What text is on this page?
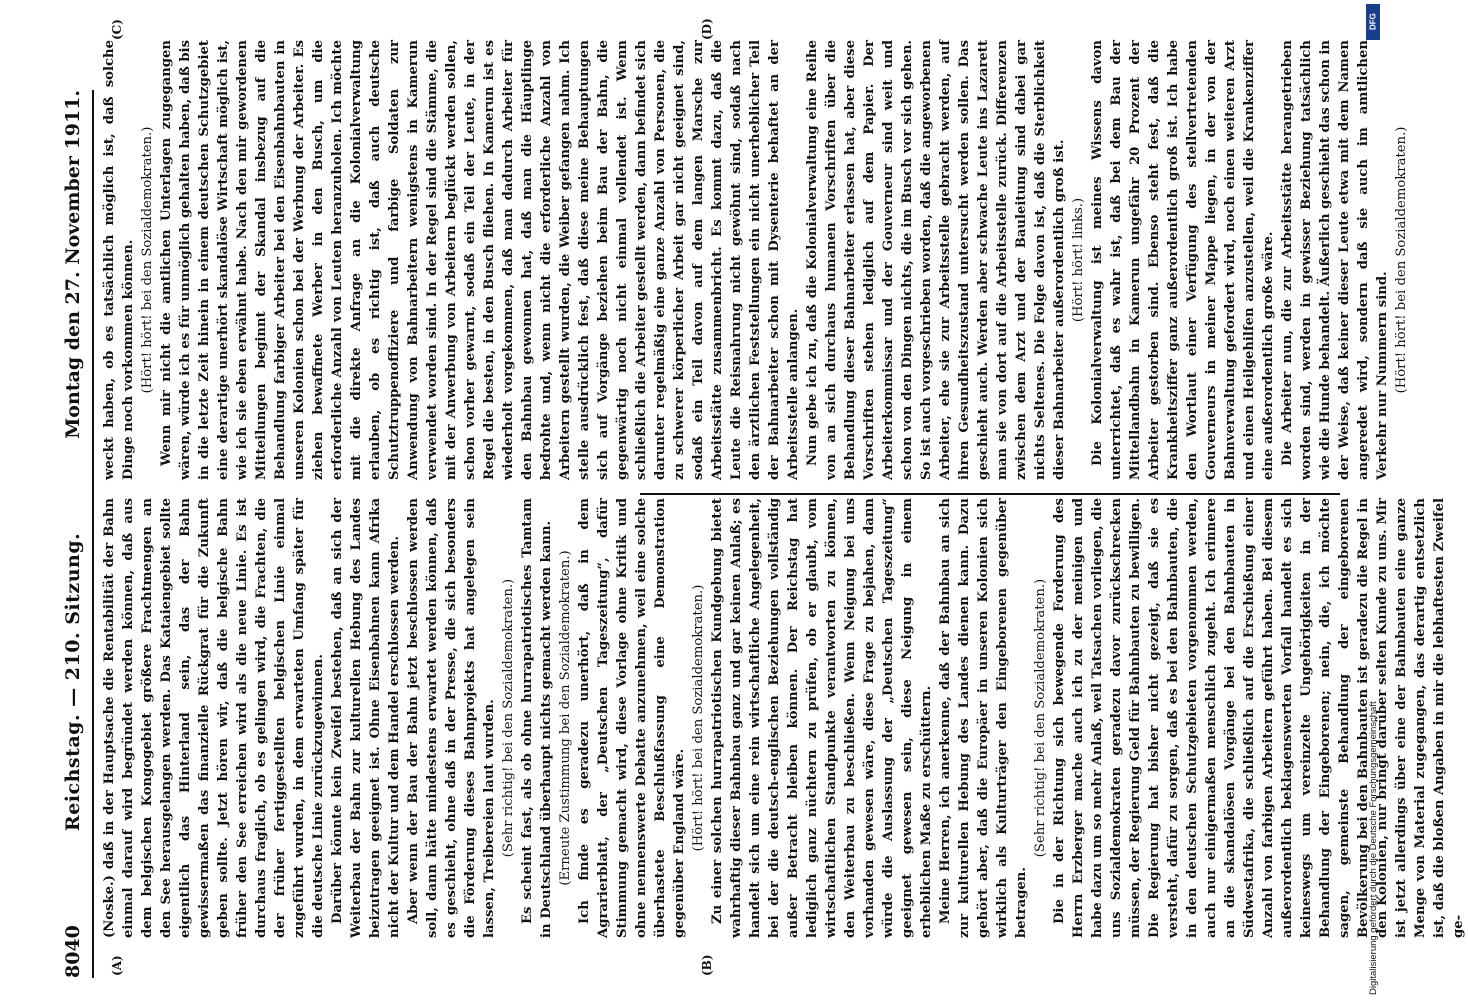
8040
Reichstag. — 210. Sitzung.
Montag den 27. November 1911.
(A)	(B)
(C)	(D)

(Noske.) daß in der Hauptsache die Rentabilität der Bahn einmal darauf wird begründet werden können, daß aus dem belgischen Kongogebiet größere Frachtmengen an den See herausgelangen werden. Das Kataiengebiet sollte eigentlich das Hinterland sein, das der Bahn gewissermaßen das finanzielle Rückgrat für die Zukunft geben sollte. Jetzt hören wir, daß die belgische Bahn früher den See erreichen wird als die neue Linie. Es ist durchaus fraglich, ob es gelingen wird, die Frachten, die der früher fertiggestellten belgischen Linie einmal zugeführt wurden, in dem erwarteten Umfang später für die deutsche Linie zurückzugewinnen. Darüber könnte kein Zweifel bestehen, daß an sich der Weiterbau der Bahn zur kulturellen Hebung des Landes beizutragen geeignet ist. Ohne Eisenbahnen kann Afrika nicht der Kultur und dem Handel erschlossen werden. Aber wenn der Bau der Bahn jetzt beschlossen werden soll, dann hätte mindestens erwartet werden können, daß es geschieht, ohne daß in der Presse, die sich besonders die Förderung dieses Bahnprojekts hat angelegen sein lassen, Treibereien laut wurden. (Sehr richtig! bei den Sozialdemokraten.) Es scheint fast, als ob ohne hurrapatriotisches Tamtam in Deutschland überhaupt nichts gemacht werden kann. (Erneute Zustimmung bei den Sozialdemokraten.) Ich finde es geradezu unerhört, daß in dem Agrarierblatt, der „Deutschen Tageszeitung“, dafür Stimmung gemacht wird, diese Vorlage ohne Kritik und ohne nennenswerte Debatte anzunehmen, weil eine solche überhastete Beschlußfassung eine Demonstration gegenüber England wäre. (Hört! hört! bei den Sozialdemokraten.) Zu einer solchen hurrapatriotischen Kundgebung bietet wahrhaftig dieser Bahnbau ganz und gar keinen Anlaß; es handelt sich um eine rein wirtschaftliche Angelegenheit, bei der die deutsch-englischen Beziehungen vollständig außer Betracht bleiben können. Der Reichstag hat lediglich ganz nüchtern zu prüfen, ob er glaubt, vom wirtschaftlichen Standpunkte verantworten zu können, den Weiterbau zu beschließen. Wenn Neigung bei uns vorhanden gewesen wäre, diese Frage zu bejahen, dann würde die Auslassung der „Deutschen Tageszeitung“ geeignet gewesen sein, diese Neigung in einem erheblichen Maße zu erschüttern. Meine Herren, ich anerkenne, daß der Bahnbau an sich zur kulturellen Hebung des Landes dienen kann. Dazu gehört aber, daß die Europäer in unseren Kolonien sich wirklich als Kulturträger den Eingeborenen gegenüber betragen.

(Sehr richtig! bei den Sozialdemokraten.) Die in der Richtung sich bewegende Forderung des Herrn Erzberger mache auch ich zu der meinigen und habe dazu um so mehr Anlaß, weil Tatsachen vorliegen, die uns Sozialdemokraten geradezu davor zurückschrecken müssen, der Regierung Geld für Bahnbauten zu bewilligen. Die Regierung hat bisher nicht gezeigt, daß sie es versteht, dafür zu sorgen, daß es bei den Bahnbauten, die in den deutschen Schutzgebieten vorgenommen werden, auch nur einigermaßen menschlich zugeht. Ich erinnere an die skandalösen Vorgänge bei den Bahnbauten in Südwestafrika, die schließlich auf die Erschießung einer Anzahl von farbigen Arbeitern geführt haben. Bei diesem außerordentlich beklagenswerten Vorfall handelt es sich keineswegs um vereinzelte Ungehörigkeiten in der Behandlung der Eingeborenen; nein, die, ich möchte sagen, gemeinste Behandlung der eingeborenen Bevölkerung bei den Bahnbauten ist geradezu die Regel in den Kolonien, nur bringt darüber selten Kunde zu uns. Mir ist jetzt allerdings über eine der Bahnbauten eine ganze Menge von Material zugegangen, das derartig entsetzlich ist, daß die bloßen Angaben in mir die lebhaftesten Zweifel ge-

weckt haben, ob es tatsächlich möglich ist, daß solche Dinge noch vorkommen können. (Hört! hört! bei den Sozialdemokraten.) Wenn mir nicht die amtlichen Unterlagen zugegangen wären, würde ich es für unmöglich gehalten haben, daß bis in die letzte Zeit hinein in einem deutschen Schutzgebiet eine derartige unerhört skandalöse Wirtschaft möglich ist, wie ich sie eben erwähnt habe. Nach den mir gewordenen Mitteilungen beginnt der Skandal insbezug auf die Behandlung farbiger Arbeiter bei den Eisenbahnbauten in unseren Kolonien schon bei der Werbung der Arbeiter. Es ziehen bewaffnete Werber in den Busch, um die erforderliche Anzahl von Leuten heranzuholen. Ich möchte mit die direkte Anfrage an die Kolonialverwaltung erlauben, ob es richtig ist, daß auch deutsche Schutztruppenoffiziere und farbige Soldaten zur Anwendung von Bahnarbeitern wenigstens in Kamerun verwendet worden sind. In der Regel sind die Stämme, die mit der Anwerbung von Arbeitern beglückt werden sollen, schon vorher gewarnt, sodaß ein Teil der Leute, in der Regel die besten, in den Busch fliehen. In Kamerun ist es wiederholt vorgekommen, daß man dadurch Arbeiter für den Bahnbau gewonnen hat, daß man die Häuptlinge bedrohte und, wenn nicht die erforderliche Anzahl von Arbeitern gestellt wurden, die Weiber gefangen nahm. Ich stelle ausdrücklich fest, daß diese meine Behauptungen sich auf Vorgänge beziehen beim Bau der Bahn, die gegenwärtig noch nicht einmal vollendet ist. Wenn schließlich die Arbeiter gestellt werden, dann befindet sich darunter regelmäßig eine ganze Anzahl von Personen, die zu schwerer körperlicher Arbeit gar nicht geeignet sind, sodaß ein Teil davon auf dem langen Marsche zur Arbeitsstätte zusammenbricht. Es kommt dazu, daß die Leute die Reisnahrung nicht gewöhnt sind, sodaß nach den ärztlichen Feststellungen ein nicht unerheblicher Teil der Bahnarbeiter schon mit Dysenterie behaftet an der Arbeitsstelle anlangen. Nun gebe ich zu, daß die Kolonialverwaltung eine Reihe von an sich durchaus humanen Vorschriften über die Behandlung dieser Bahnarbeiter erlassen hat, aber diese Vorschriften stehen lediglich auf dem Papier. Der Arbeiterkommissar und der Gouverneur sind weit und schon von den Dingen nichts, die im Busch vor sich gehen. So ist auch vorgeschrieben worden, daß die angeworbenen Arbeiter, ehe sie zur Arbeitsstelle gebracht werden, auf ihren Gesundheitszustand untersucht werden sollen. Das geschieht auch. Werden aber schwache Leute ins Lazarett man sie von dort auf die Arbeitsstelle zurück. Differenzen zwischen dem Arzt und der Bauleitung sind dabei gar nichts Seltenes. Die Folge davon ist, daß die Sterblichkeit dieser Bahnarbeiter außerordentlich groß ist. (Hört! hört! links.) Die Kolonialverwaltung ist meines Wissens davon unterrichtet, daß es wahr ist, daß bei dem Bau der Mittellandbahn in Kamerun ungefähr 20 Prozent der Arbeiter gestorben sind. Ebenso steht fest, daß die Krankheitsziffer ganz außerordentlich groß ist. Ich habe den Wortlaut einer Verfügung des stellvertretenden Gouverneurs in meiner Mappe liegen, in der von der Bahnverwaltung gefordert wird, noch einen weiteren Arzt und einen Heilgehilfen anzustellen, weil die Krankenziffer eine außerordentlich große wäre. Die Arbeiter nun, die zur Arbeitsstätte herangetrieben worden sind, werden in gewisser Beziehung tatsächlich wie die Hunde behandelt. Äußerlich geschieht das schon in der Weise, daß keiner dieser Leute etwa mit dem Namen angeredet wird, sondern daß sie auch im amtlichen Verkehr nur Nummern sind. (Hört! hört! bei den Sozialdemokraten.)

Digitalisierung gefördert durch die Deutsche Forschungsgemeinschaft
DFG
